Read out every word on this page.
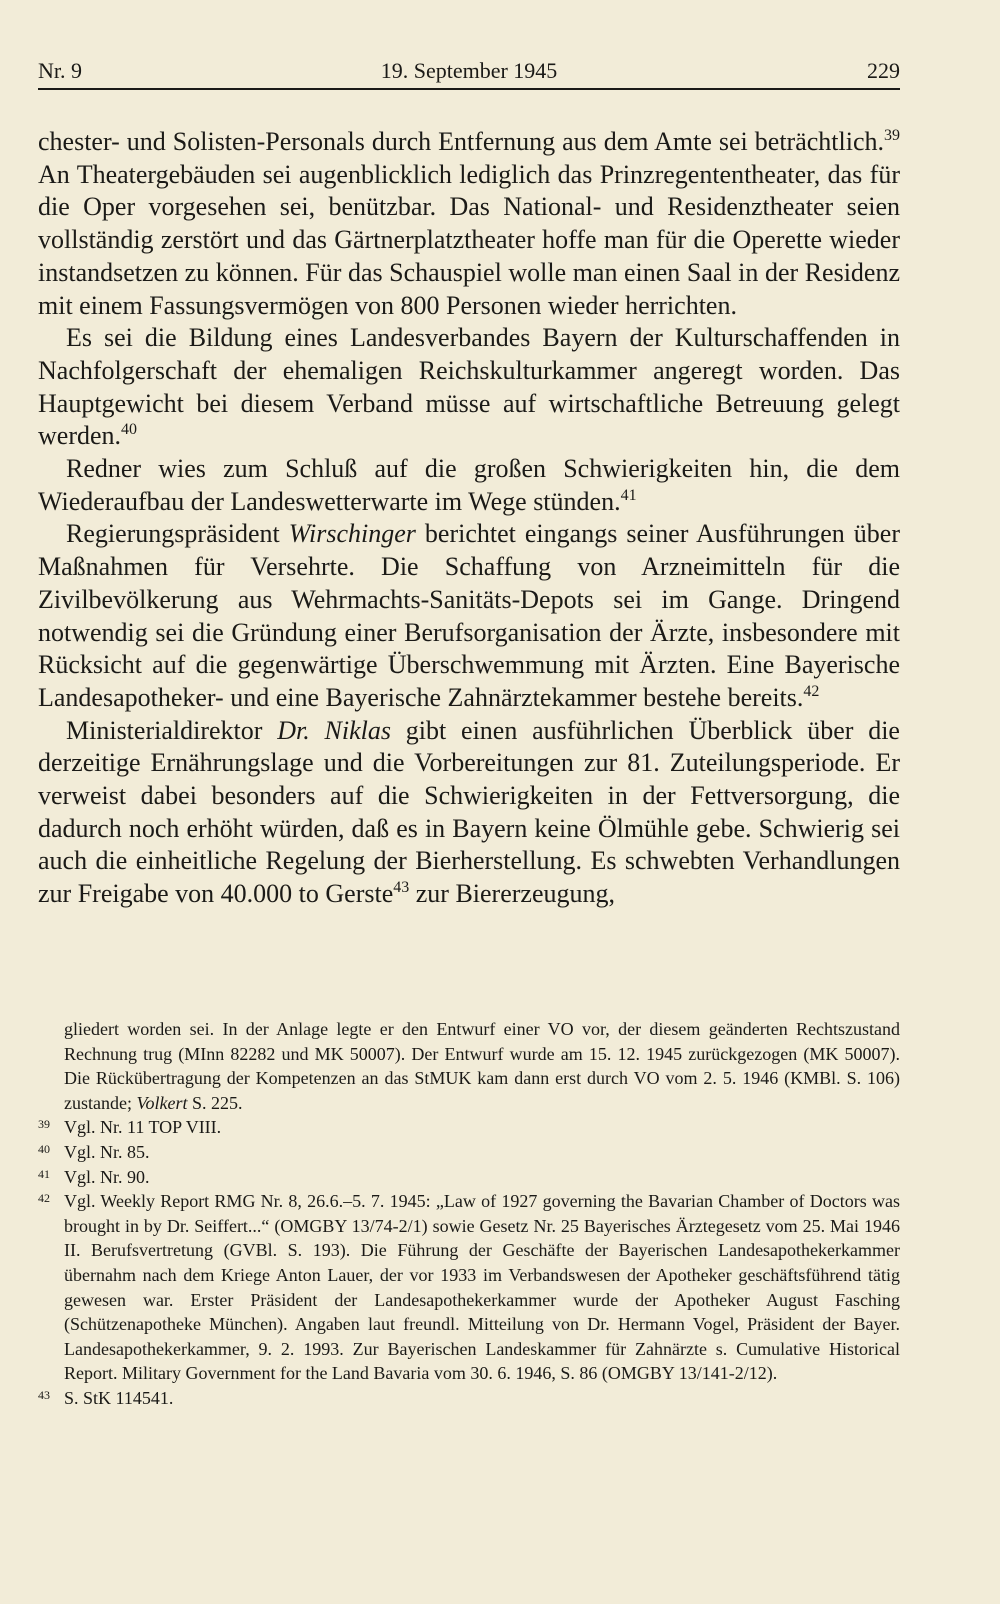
Nr. 9	19. September 1945	229

chester- und Solisten-Personals durch Entfernung aus dem Amte sei beträchtlich.$^{39}$ An Theatergebäuden sei augenblicklich lediglich das Prinzregententheater, das für die Oper vorgesehen sei, benützbar. Das National- und Residenztheater seien vollständig zerstört und das Gärtnerplatztheater hoffe man für die Operette wieder instandsetzen zu können. Für das Schauspiel wolle man einen Saal in der Residenz mit einem Fassungsvermögen von 800 Personen wieder herrichten.

Es sei die Bildung eines Landesverbandes Bayern der Kulturschaffenden in Nachfolgerschaft der ehemaligen Reichskulturkammer angeregt worden. Das Hauptgewicht bei diesem Verband müsse auf wirtschaftliche Betreuung gelegt werden.$^{40}$

Redner wies zum Schluß auf die großen Schwierigkeiten hin, die dem Wiederaufbau der Landeswetterwarte im Wege stünden.$^{41}$

Regierungspräsident Wirschinger berichtet eingangs seiner Ausführungen über Maßnahmen für Versehrte. Die Schaffung von Arzneimitteln für die Zivilbevölkerung aus Wehrmachts-Sanitäts-Depots sei im Gange. Dringend notwendig sei die Gründung einer Berufsorganisation der Ärzte, insbesondere mit Rücksicht auf die gegenwärtige Überschwemmung mit Ärzten. Eine Bayerische Landesapotheker- und eine Bayerische Zahnärztekammer bestehe bereits.$^{42}$

Ministerialdirektor Dr. Niklas gibt einen ausführlichen Überblick über die derzeitige Ernährungslage und die Vorbereitungen zur 81. Zuteilungsperiode. Er verweist dabei besonders auf die Schwierigkeiten in der Fettversorgung, die dadurch noch erhöht würden, daß es in Bayern keine Ölmühle gebe. Schwierig sei auch die einheitliche Regelung der Bierherstellung. Es schwebten Verhandlungen zur Freigabe von 40.000 to Gerste$^{43}$ zur Biererzeugung,

gliedert worden sei. In der Anlage legte er den Entwurf einer VO vor, der diesem geänderten Rechtszustand Rechnung trug (MInn 82282 und MK 50007). Der Entwurf wurde am 15. 12. 1945 zurückgezogen (MK 50007). Die Rückübertragung der Kompetenzen an das StMUK kam dann erst durch VO vom 2. 5. 1946 (KMBl. S. 106) zustande; Volkert S. 225.

39 Vgl. Nr. 11 TOP VIII.

40 Vgl. Nr. 85.

41 Vgl. Nr. 90.

42 Vgl. Weekly Report RMG Nr. 8, 26.6.–5. 7. 1945: „Law of 1927 governing the Bavarian Chamber of Doctors was brought in by Dr. Seiffert...“ (OMGBY 13/74-2/1) sowie Gesetz Nr. 25 Bayerisches Ärztegesetz vom 25. Mai 1946 II. Berufsvertretung (GVBl. S. 193). Die Führung der Geschäfte der Bayerischen Landesapothekerkammer übernahm nach dem Kriege Anton Lauer, der vor 1933 im Verbandswesen der Apotheker geschäftsführend tätig gewesen war. Erster Präsident der Landesapothekerkammer wurde der Apotheker August Fasching (Schützenapotheke München). Angaben laut freundl. Mitteilung von Dr. Hermann Vogel, Präsident der Bayer. Landesapothekerkammer, 9. 2. 1993. Zur Bayerischen Landeskammer für Zahnärzte s. Cumulative Historical Report. Military Government for the Land Bavaria vom 30. 6. 1946, S. 86 (OMGBY 13/141-2/12).

43 S. StK 114541.
